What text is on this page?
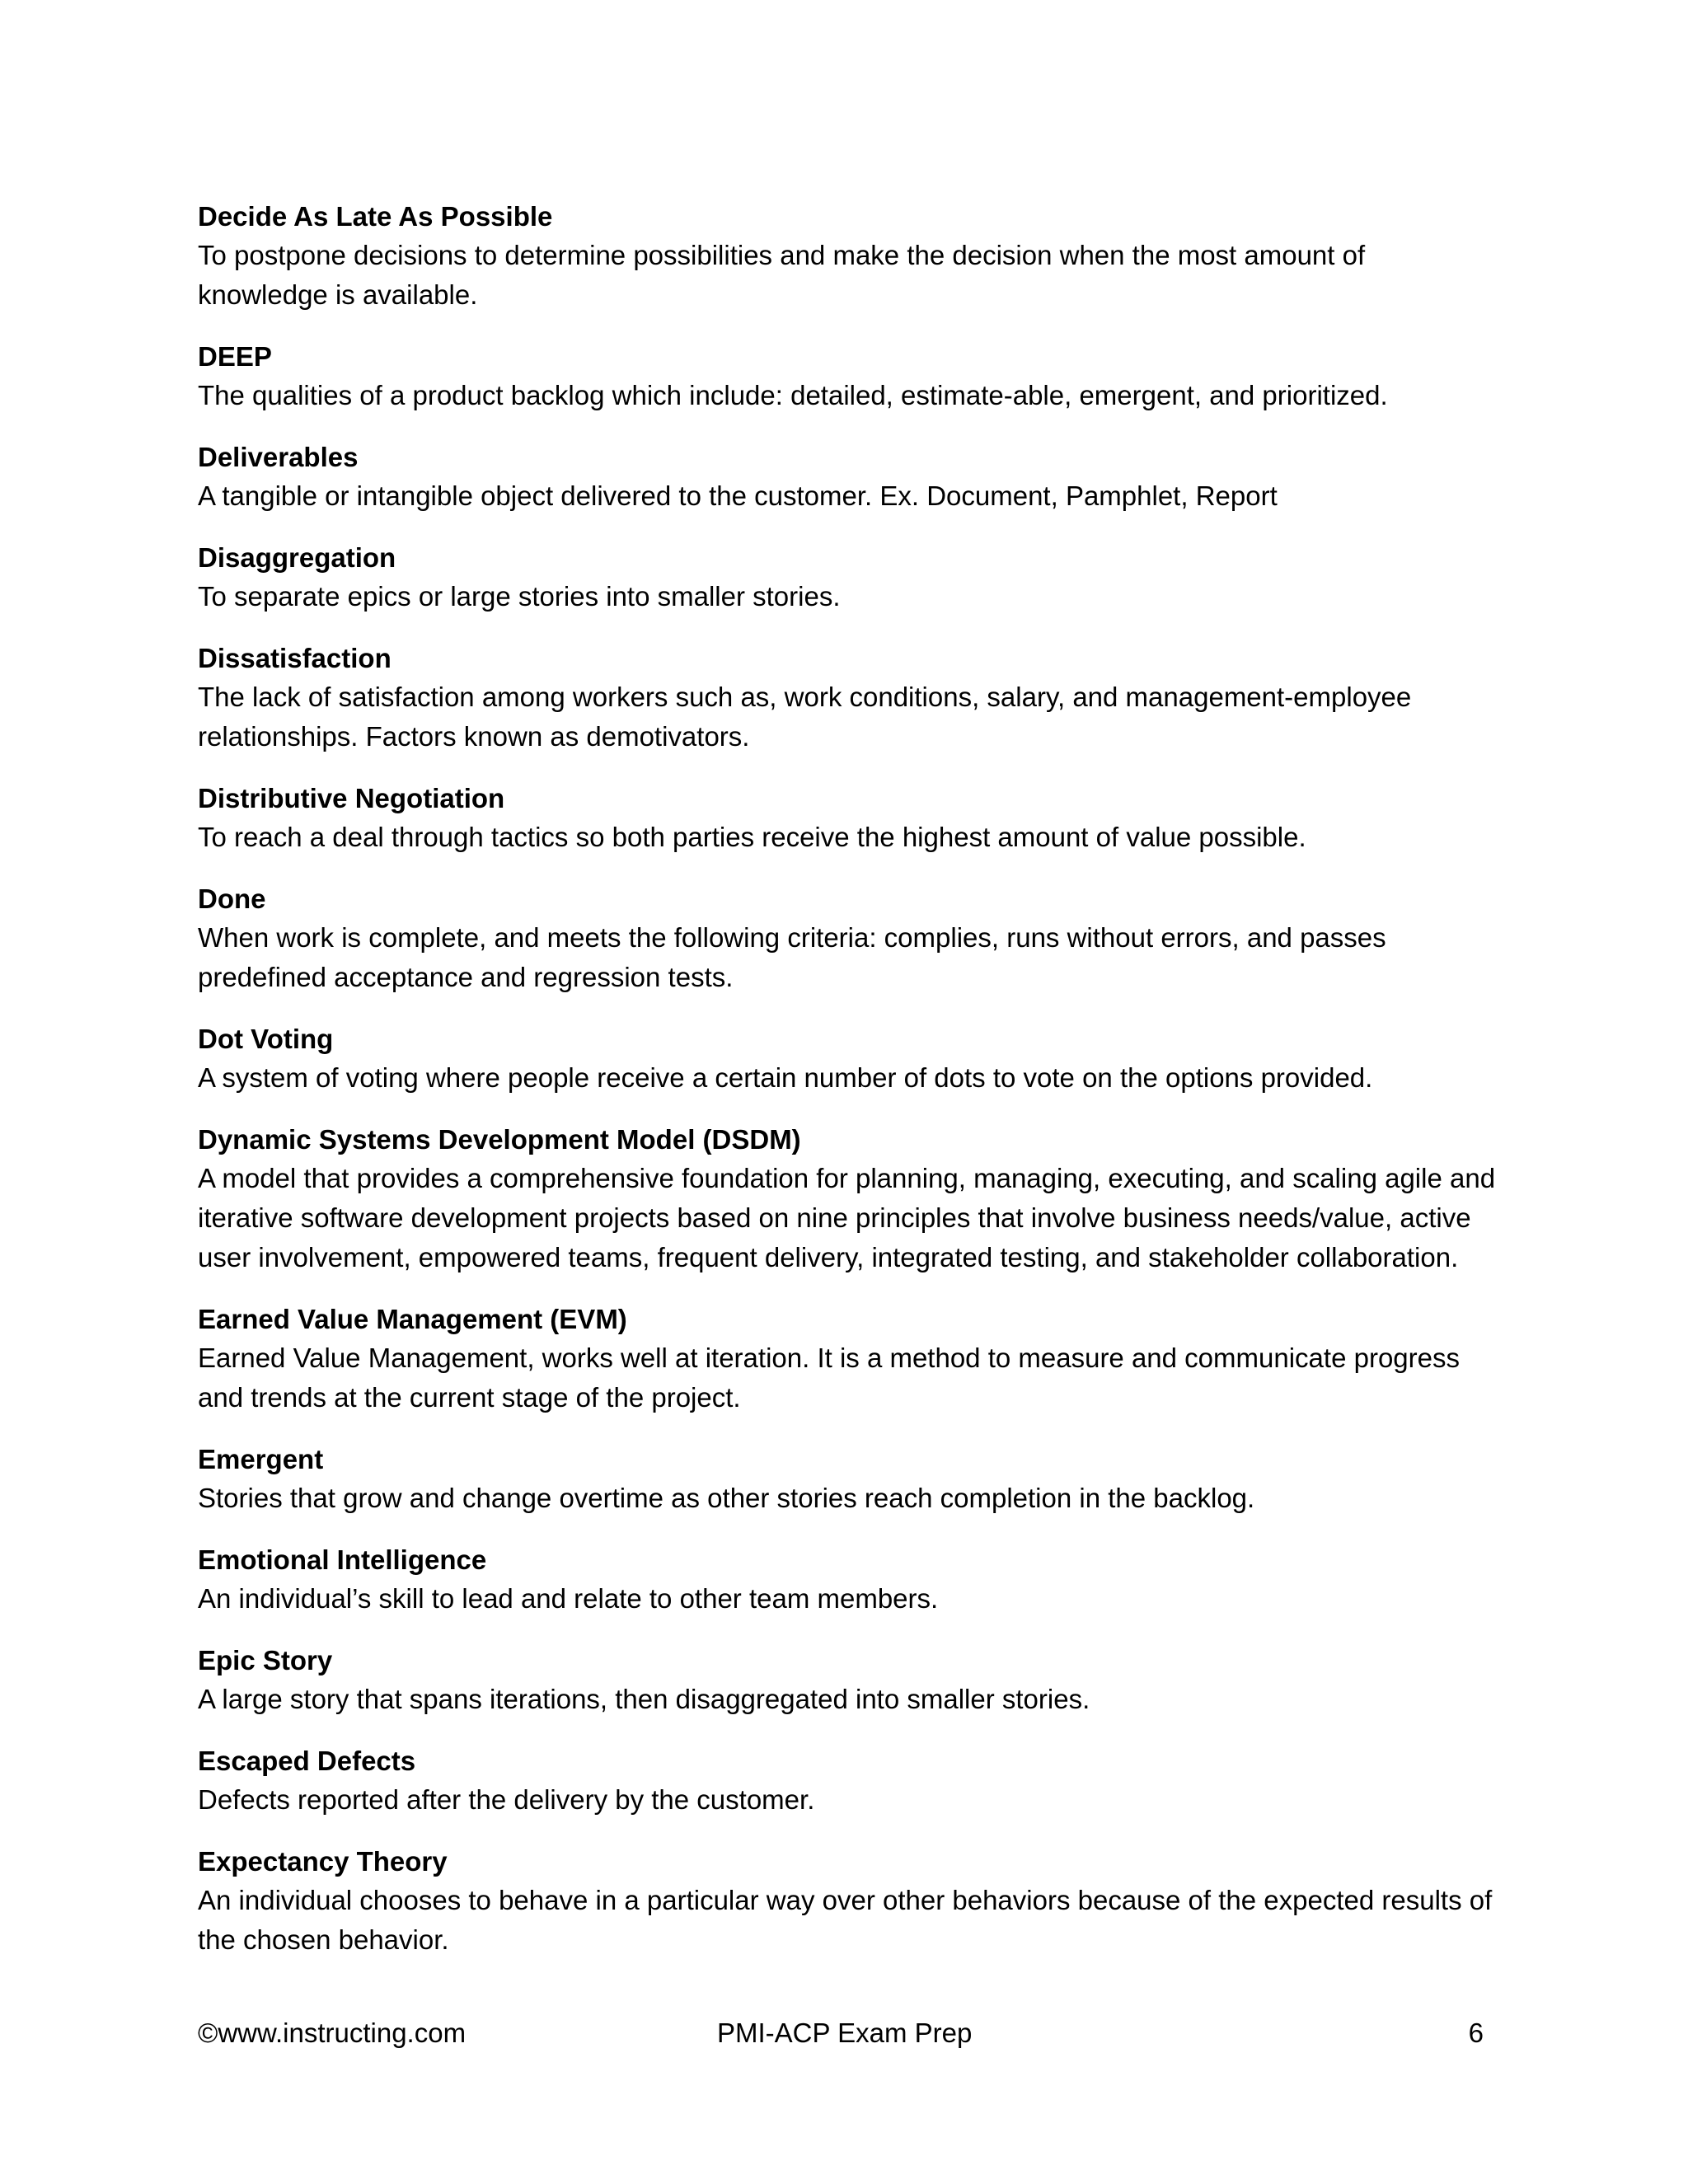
Decide As Late As Possible

To postpone decisions to determine possibilities and make the decision when the most amount of knowledge is available.

DEEP

The qualities of a product backlog which include: detailed, estimate-able, emergent, and prioritized.

Deliverables

A tangible or intangible object delivered to the customer. Ex. Document, Pamphlet, Report

Disaggregation

To separate epics or large stories into smaller stories.

Dissatisfaction

The lack of satisfaction among workers such as, work conditions, salary, and management-employee relationships. Factors known as demotivators.

Distributive Negotiation

To reach a deal through tactics so both parties receive the highest amount of value possible.

Done

When work is complete, and meets the following criteria: complies, runs without errors, and passes predefined acceptance and regression tests.

Dot Voting

A system of voting where people receive a certain number of dots to vote on the options provided.

Dynamic Systems Development Model (DSDM)

A model that provides a comprehensive foundation for planning, managing, executing, and scaling agile and iterative software development projects based on nine principles that involve business needs/value, active user involvement, empowered teams, frequent delivery, integrated testing, and stakeholder collaboration.

Earned Value Management (EVM)

Earned Value Management, works well at iteration. It is a method to measure and communicate progress and trends at the current stage of the project.

Emergent

Stories that grow and change overtime as other stories reach completion in the backlog.

Emotional Intelligence

An individual’s skill to lead and relate to other team members.

Epic Story

A large story that spans iterations, then disaggregated into smaller stories.

Escaped Defects

Defects reported after the delivery by the customer.

Expectancy Theory

An individual chooses to behave in a particular way over other behaviors because of the expected results of the chosen behavior.

©www.instructing.com	PMI-ACP Exam Prep	6
